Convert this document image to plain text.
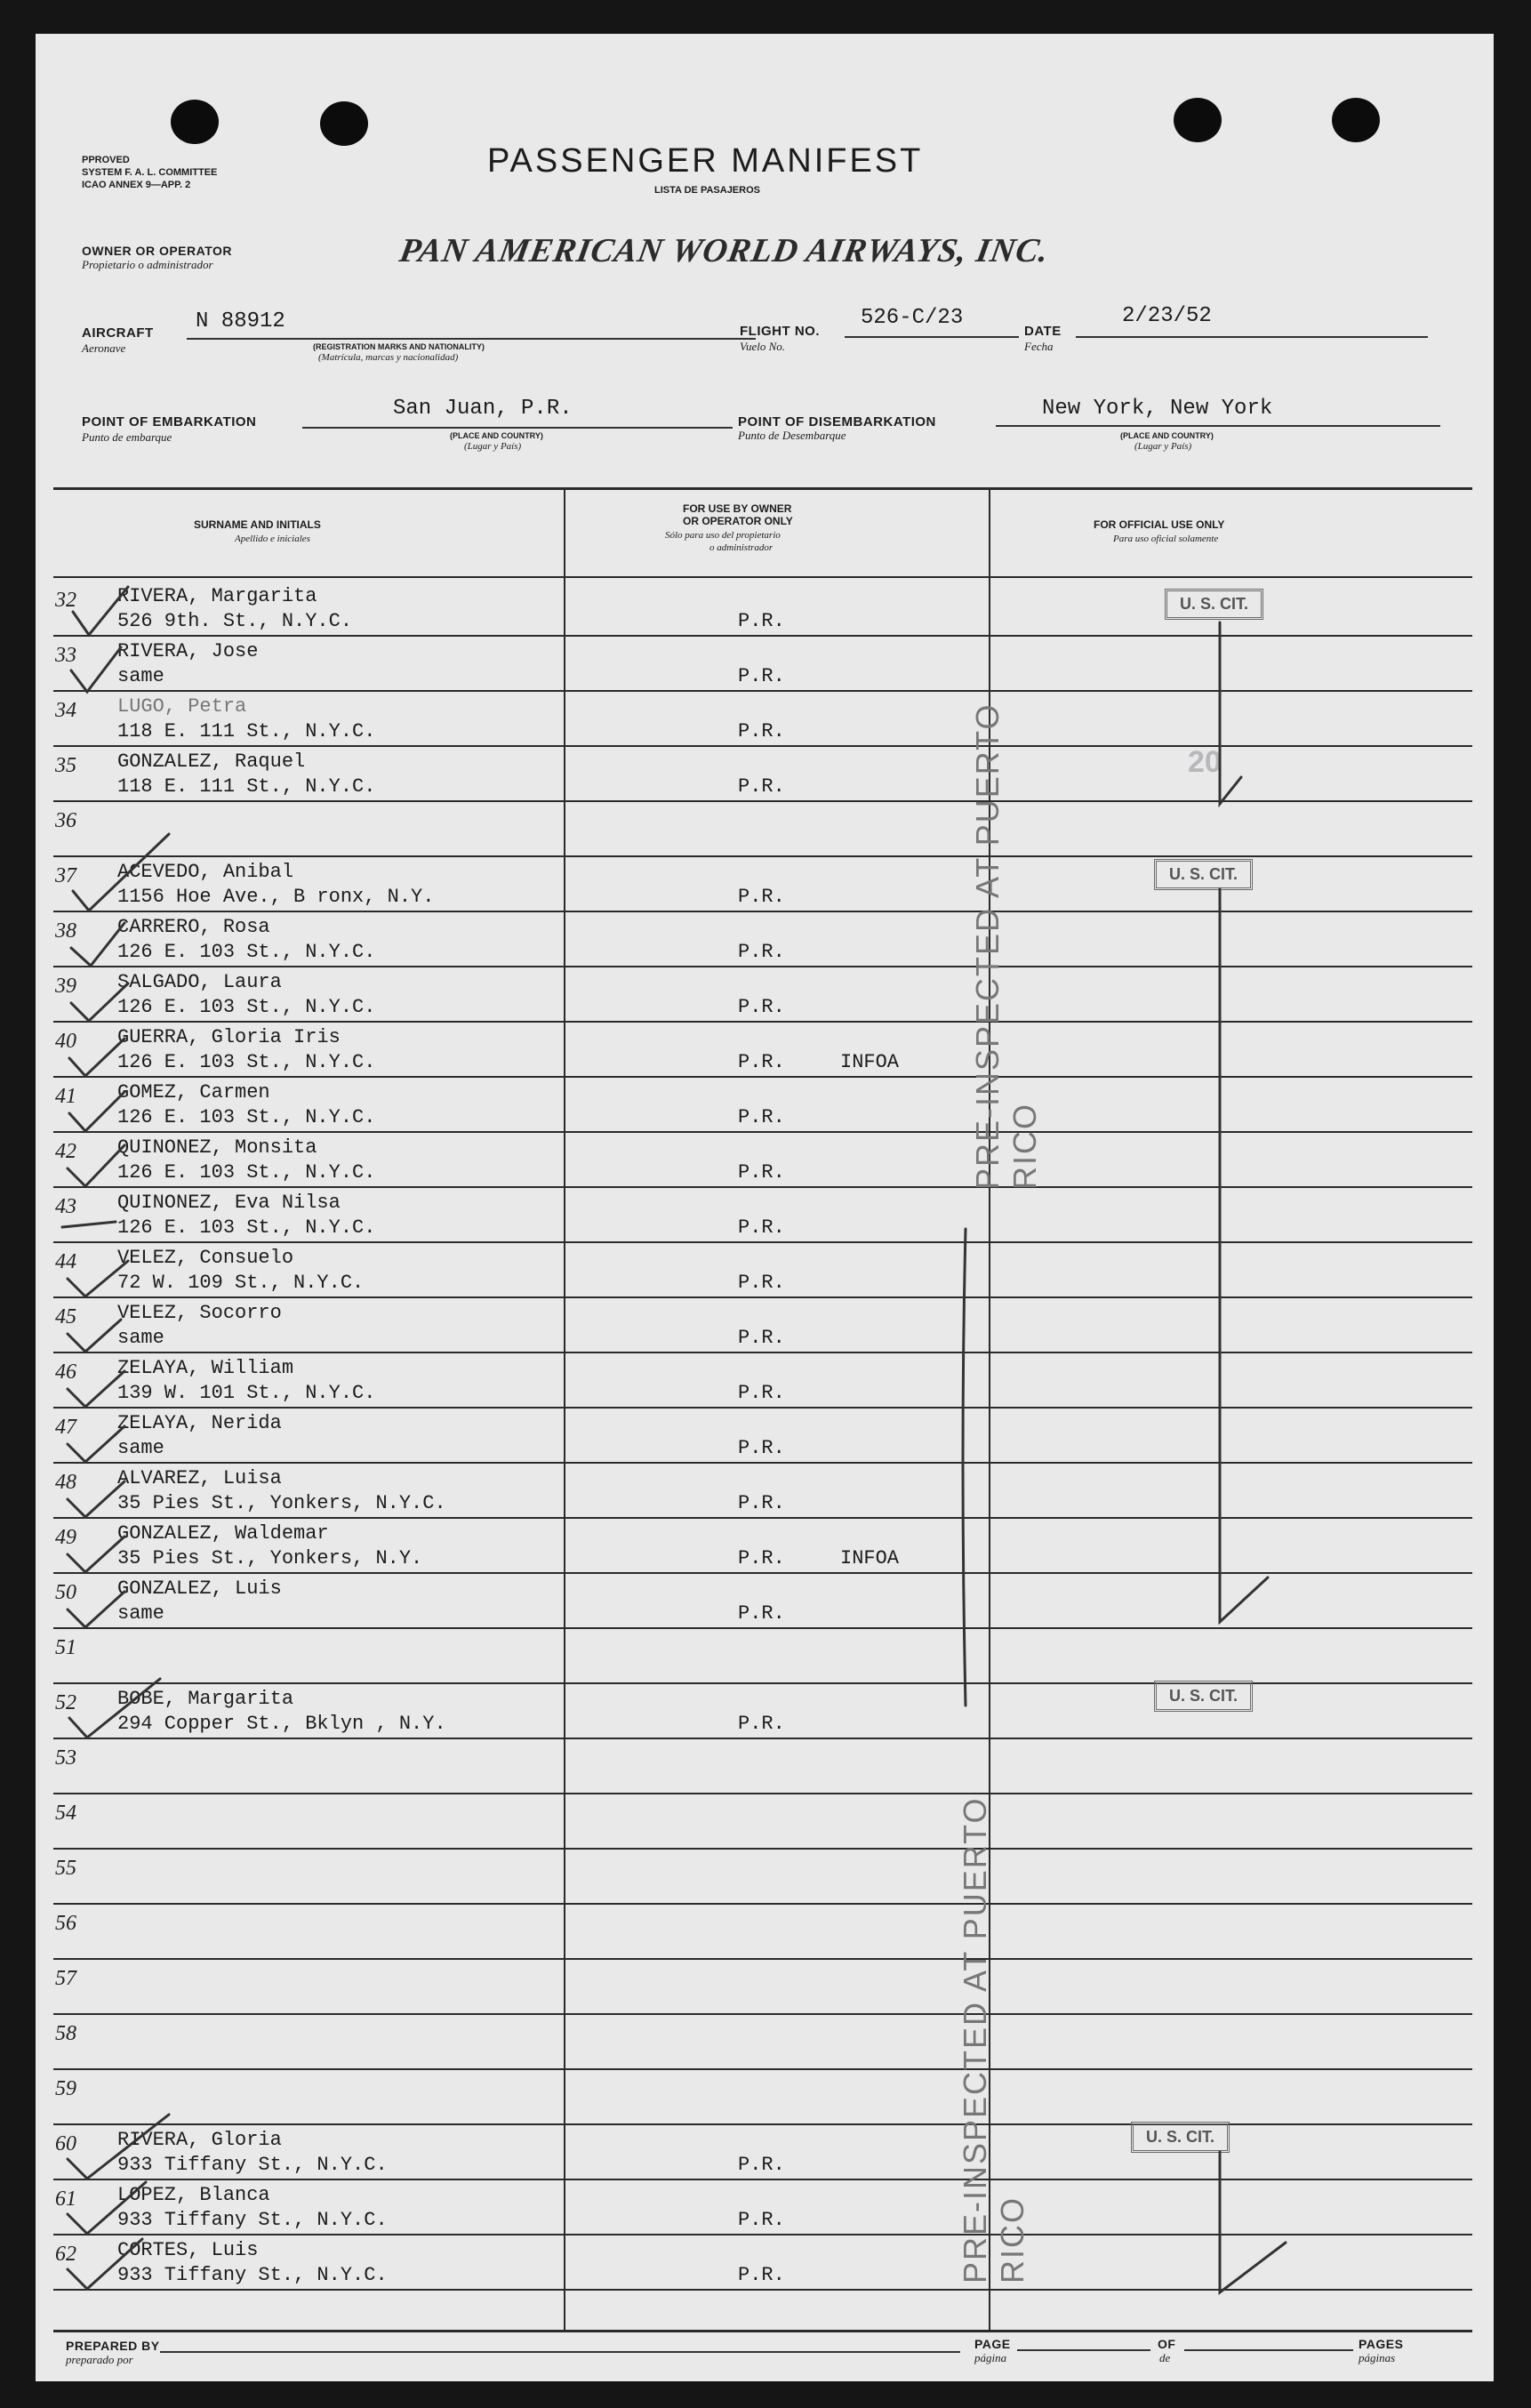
PPROVED
SYSTEM F. A. L. COMMITTEE
ICAO ANNEX 9—APP. 2
PASSENGER MANIFEST
LISTA DE PASAJEROS
OWNER OR OPERATOR
Propietario o administrador	PAN AMERICAN WORLD AIRWAYS, INC.
AIRCRAFT
Aeronave
N 88912
(REGISTRATION MARKS AND NATIONALITY)
(Matrícula, marcas y nacionalidad)
FLIGHT NO.
Vuelo No.
526-C/23
DATE
Fecha
2/23/52
POINT OF EMBARKATION
Punto de embarque
San Juan, P.R.
(PLACE AND COUNTRY)
(Lugar y País)
POINT OF DISEMBARKATION
Punto de Desembarque
New York, New York
(PLACE AND COUNTRY)
(Lugar y País)
SURNAME AND INITIALS
Apellido e iniciales
FOR USE BY OWNER
OR OPERATOR ONLY
Sólo para uso del propietario
o administrador
FOR OFFICIAL USE ONLY
Para uso oficial solamente
32 RIVERA, Margarita
526 9th. St., N.Y.C.	P.R.
33 RIVERA, Jose
same	P.R.
34 LUGO, Petra
118 E. 111 St., N.Y.C.	P.R.
35 GONZALEZ, Raquel
118 E. 111 St., N.Y.C.	P.R.
36
37 ACEVEDO, Anibal
1156 Hoe Ave., B ronx, N.Y.	P.R.
38 CARRERO, Rosa
126 E. 103 St., N.Y.C.	P.R.
39 SALGADO, Laura
126 E. 103 St., N.Y.C.	P.R.
40 GUERRA, Gloria Iris
126 E. 103 St., N.Y.C.	P.R.	INFOA
41 GOMEZ, Carmen
126 E. 103 St., N.Y.C.	P.R.
42 QUINONEZ, Monsita
126 E. 103 St., N.Y.C.	P.R.
43 QUINONEZ, Eva Nilsa
126 E. 103 St., N.Y.C.	P.R.
44 VELEZ, Consuelo
72 W. 109 St., N.Y.C.	P.R.
45 VELEZ, Socorro
same	P.R.
46 ZELAYA, William
139 W. 101 St., N.Y.C.	P.R.
47 ZELAYA, Nerida
same	P.R.
48 ALVAREZ, Luisa
35 Pies St., Yonkers, N.Y.C.	P.R.
49 GONZALEZ, Waldemar
35 Pies St., Yonkers, N.Y.	P.R.	INFOA
50 GONZALEZ, Luis
same	P.R.
51
52 BOBE, Margarita
294 Copper St., Bklyn , N.Y.	P.R.
53
54
55
56
57
58
59
60 RIVERA, Gloria
933 Tiffany St., N.Y.C.	P.R.
61 LOPEZ, Blanca
933 Tiffany St., N.Y.C.	P.R.
62 CORTES, Luis
933 Tiffany St., N.Y.C.	P.R.
U. S. CIT.
U. S. CIT.
U. S. CIT.
U. S. CIT.
20
PRE-INSPECTED AT PUERTO RICO
PRE-INSPECTED AT PUERTO RICO
PREPARED BY
preparado por
PAGE
página
OF
de
PAGES
páginas
